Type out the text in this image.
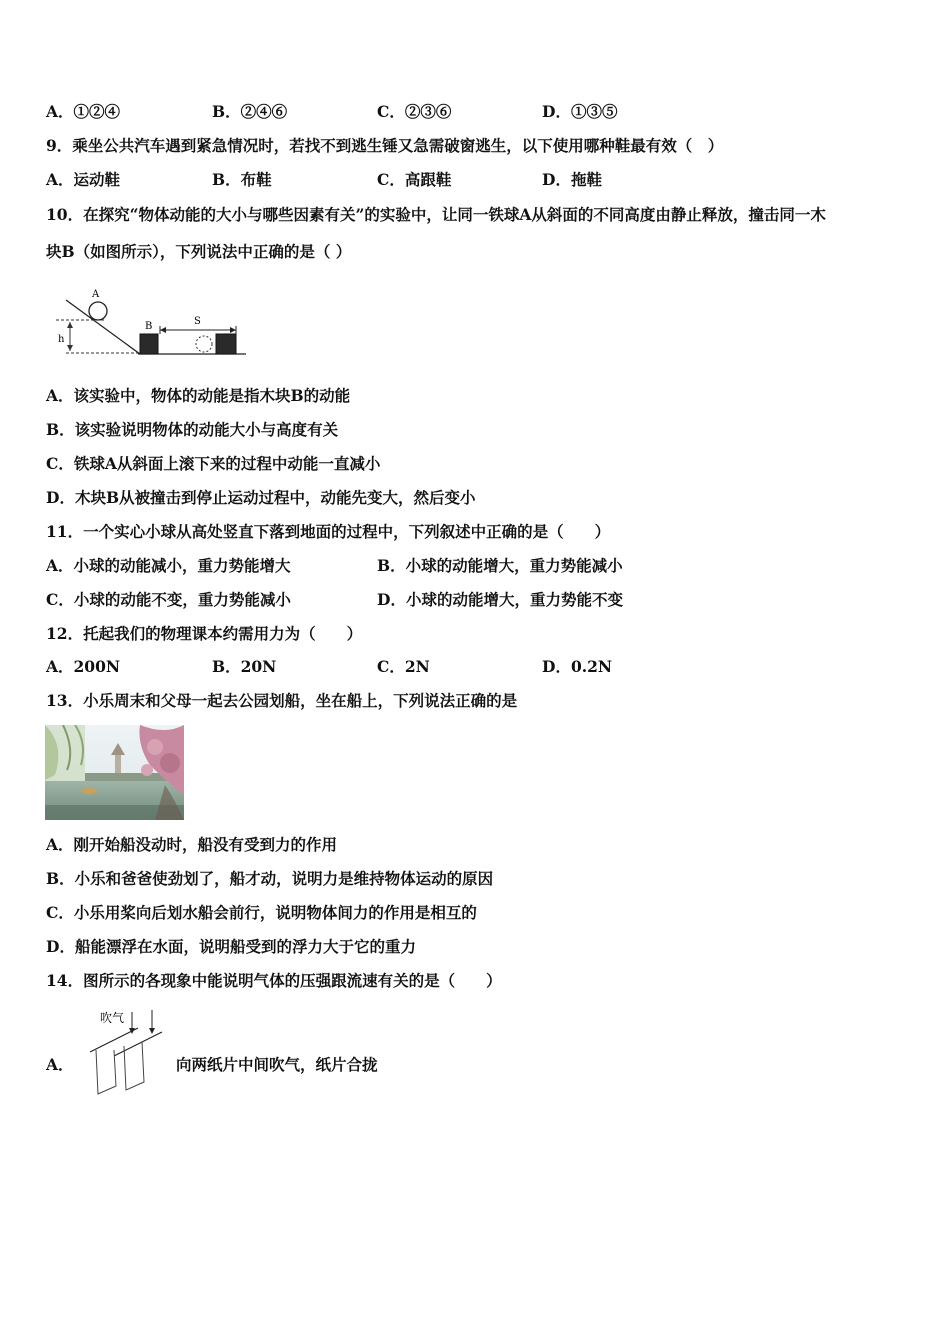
A．①②④	B．②④⑥	C．②③⑥	D．①③⑤
9．乘坐公共汽车遇到紧急情况时，若找不到逃生锤又急需破窗逃生，以下使用哪种鞋最有效（　）
A．运动鞋	B．布鞋	C．高跟鞋	D．拖鞋
10．在探究“物体动能的大小与哪些因素有关”的实验中，让同一铁球A从斜面的不同高度由静止释放，撞击同一木
块B（如图所示），下列说法中正确的是（ ）
h
A
B	S
A．该实验中，物体的动能是指木块B的动能
B．该实验说明物体的动能大小与高度有关
C．铁球A从斜面上滚下来的过程中动能一直减小
D．木块B从被撞击到停止运动过程中，动能先变大，然后变小
11．一个实心小球从高处竖直下落到地面的过程中，下列叙述中正确的是（　　）
A．小球的动能减小，重力势能增大	B．小球的动能增大，重力势能减小
C．小球的动能不变，重力势能减小	D．小球的动能增大，重力势能不变
12．托起我们的物理课本约需用力为（　　）
A．200N	B．20N	C．2N	D．0.2N
13．小乐周末和父母一起去公园划船，坐在船上，下列说法正确的是
A．刚开始船没动时，船没有受到力的作用
B．小乐和爸爸使劲划了，船才动，说明力是维持物体运动的原因
C．小乐用桨向后划水船会前行，说明物体间力的作用是相互的
D．船能漂浮在水面，说明船受到的浮力大于它的重力
14．图所示的各现象中能说明气体的压强跟流速有关的是（　　）
A．
吹气
向两纸片中间吹气，纸片合拢
